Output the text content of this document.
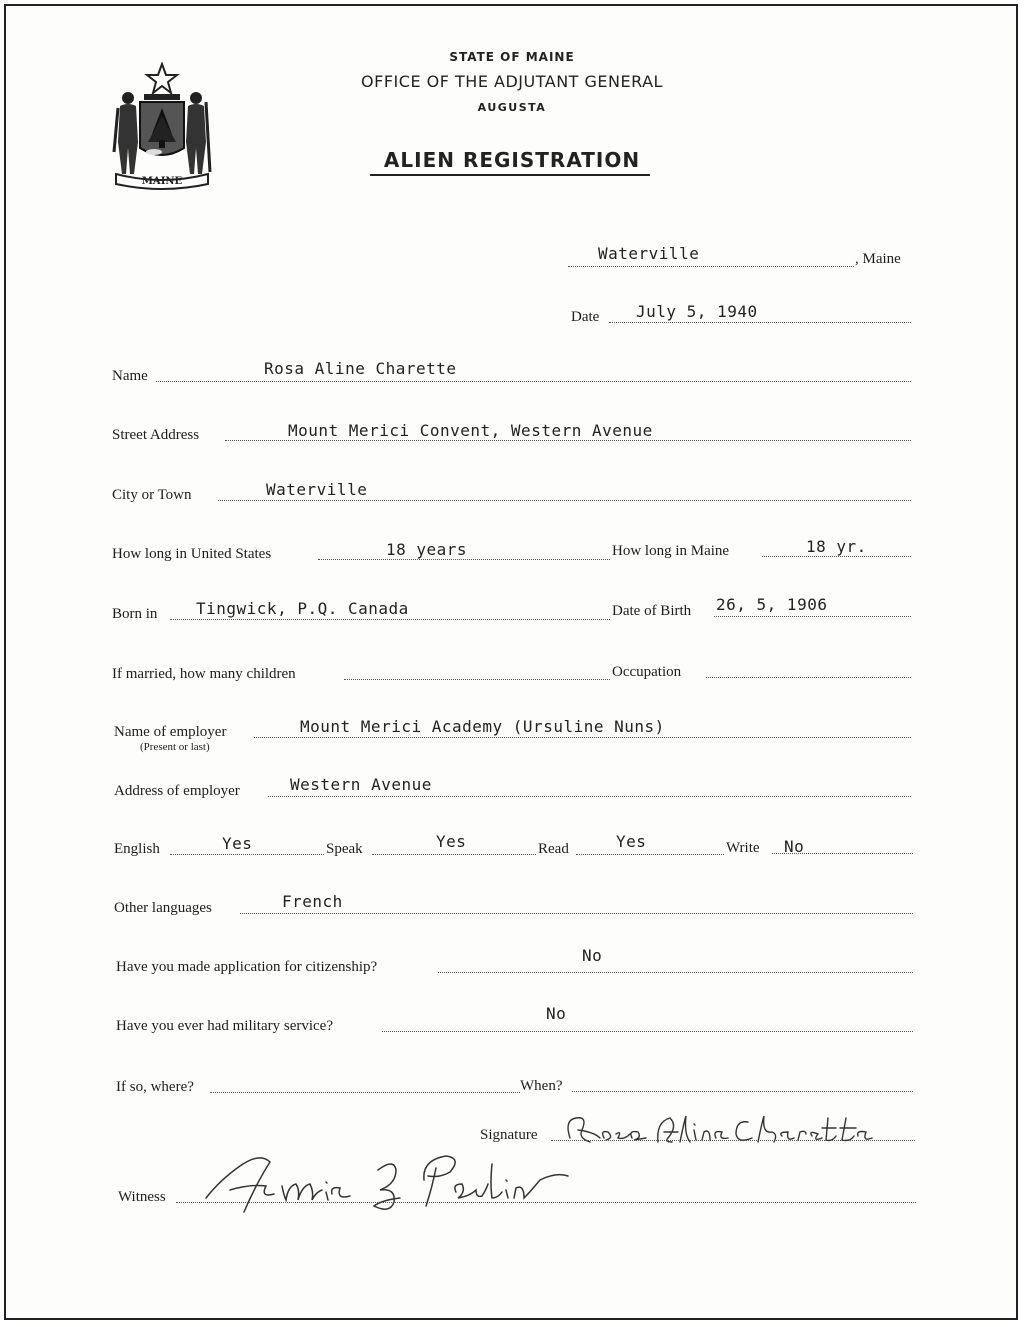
MAINE
STATE OF MAINE
OFFICE OF THE ADJUTANT GENERAL
AUGUSTA
ALIEN REGISTRATION
Waterville	, Maine
Date July 5, 1940
Name	Rosa Aline Charette
Street Address	Mount Merici Convent, Western Avenue
City or Town	Waterville
How long in United States	18 years	How long in Maine	18 yr.
Born in Tingwick, P.Q. Canada	Date of Birth 26, 5, 1906
If married, how many children	Occupation
Name of employer
(Present or last)
Mount Merici Academy (Ursuline Nuns)
Address of employer	Western Avenue
English	Yes	Speak	Yes	Read	Yes	Write No
Other languages	French
Have you made application for citizenship?
No
Have you ever had military service?
No
If so, where?	When?
Signature
Witness
